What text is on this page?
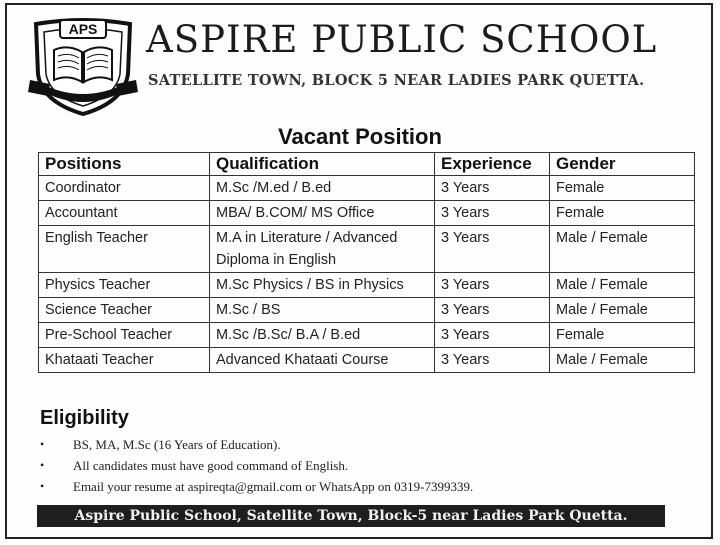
APS ASPIRE PUBLIC SCHOOL
SATELLITE TOWN, BLOCK 5 NEAR LADIES PARK QUETTA.
Vacant Position
Positions	Qualification	Experience	Gender
Coordinator	M.Sc /M.ed / B.ed	3 Years	Female
Accountant	MBA/ B.COM/ MS Office	3 Years	Female
English Teacher	M.A in Literature / Advanced Diploma in English	3 Years	Male / Female
Physics Teacher	M.Sc Physics / BS in Physics	3 Years	Male / Female
Science Teacher	M.Sc / BS	3 Years	Male / Female
Pre-School Teacher	M.Sc /B.Sc/ B.A / B.ed	3 Years	Female
Khataati Teacher	Advanced Khataati Course	3 Years	Male / Female
Eligibility
• BS, MA, M.Sc (16 Years of Education).
• All candidates must have good command of English.
• Email your resume at aspireqta@gmail.com or WhatsApp on 0319-7399339.
Aspire Public School, Satellite Town, Block-5 near Ladies Park Quetta.
